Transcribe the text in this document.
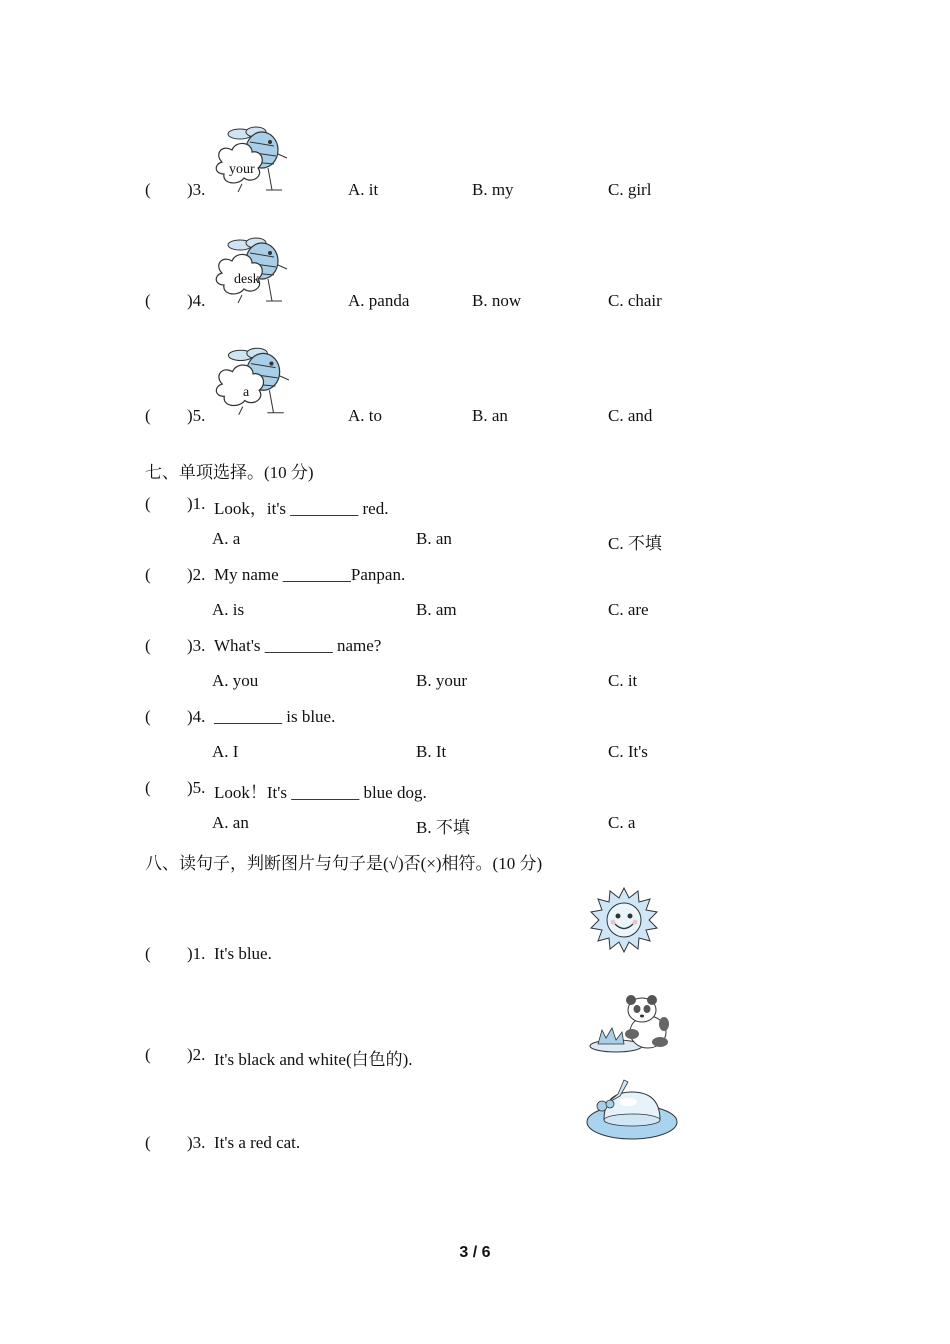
your
( )3.	A. it	B. my	C. girl
desk
( )4.	A. panda	B. now	C. chair
a
( )5.	A. to	B. an	C. and
七、单项选择。(10 分)
( )1. Look，it's ________ red.
A. a	B. an	C. 不填
( )2. My name ________Panpan.
A. is	B. am	C. are
( )3. What's ________ name?
A. you	B. your	C. it
( )4. ________ is blue.
A. I	B. It	C. It's
( )5. Look！It's ________ blue dog.
A. an	B. 不填	C. a
八、读句子，判断图片与句子是(√)否(×)相符。(10 分)
( )1. It's blue.
( )2. It's black and white(白色的).
( )3. It's a red cat.
3 / 6
